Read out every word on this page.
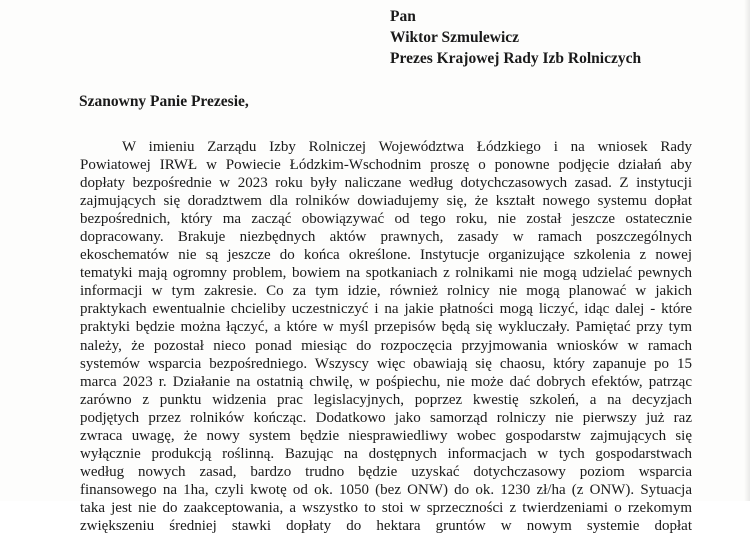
Pan
Wiktor Szmulewicz
Prezes Krajowej Rady Izb Rolniczych
Szanowny Panie Prezesie,
W imieniu Zarządu Izby Rolniczej Województwa Łódzkiego i na wniosek Rady
Powiatowej IRWŁ w Powiecie Łódzkim-Wschodnim proszę o ponowne podjęcie działań aby
dopłaty bezpośrednie w 2023 roku były naliczane według dotychczasowych zasad. Z instytucji
zajmujących się doradztwem dla rolników dowiadujemy się, że kształt nowego systemu dopłat
bezpośrednich, który ma zacząć obowiązywać od tego roku, nie został jeszcze ostatecznie
dopracowany. Brakuje niezbędnych aktów prawnych, zasady w ramach poszczególnych
ekoschematów nie są jeszcze do końca określone. Instytucje organizujące szkolenia z nowej
tematyki mają ogromny problem, bowiem na spotkaniach z rolnikami nie mogą udzielać pewnych
informacji w tym zakresie. Co za tym idzie, również rolnicy nie mogą planować w jakich
praktykach ewentualnie chcieliby uczestniczyć i na jakie płatności mogą liczyć, idąc dalej - które
praktyki będzie można łączyć, a które w myśl przepisów będą się wykluczały. Pamiętać przy tym
należy, że pozostał nieco ponad miesiąc do rozpoczęcia przyjmowania wniosków w ramach
systemów wsparcia bezpośredniego. Wszyscy więc obawiają się chaosu, który zapanuje po 15
marca 2023 r. Działanie na ostatnią chwilę, w pośpiechu, nie może dać dobrych efektów, patrząc
zarówno z punktu widzenia prac legislacyjnych, poprzez kwestię szkoleń, a na decyzjach
podjętych przez rolników kończąc. Dodatkowo jako samorząd rolniczy nie pierwszy już raz
zwraca uwagę, że nowy system będzie niesprawiedliwy wobec gospodarstw zajmujących się
wyłącznie produkcją roślinną. Bazując na dostępnych informacjach w tych gospodarstwach
według nowych zasad, bardzo trudno będzie uzyskać dotychczasowy poziom wsparcia
finansowego na 1ha, czyli kwotę od ok. 1050 (bez ONW) do ok. 1230 zł/ha (z ONW). Sytuacja
taka jest nie do zaakceptowania, a wszystko to stoi w sprzeczności z twierdzeniami o rzekomym
zwiększeniu średniej stawki dopłaty do hektara gruntów w nowym systemie dopłat
